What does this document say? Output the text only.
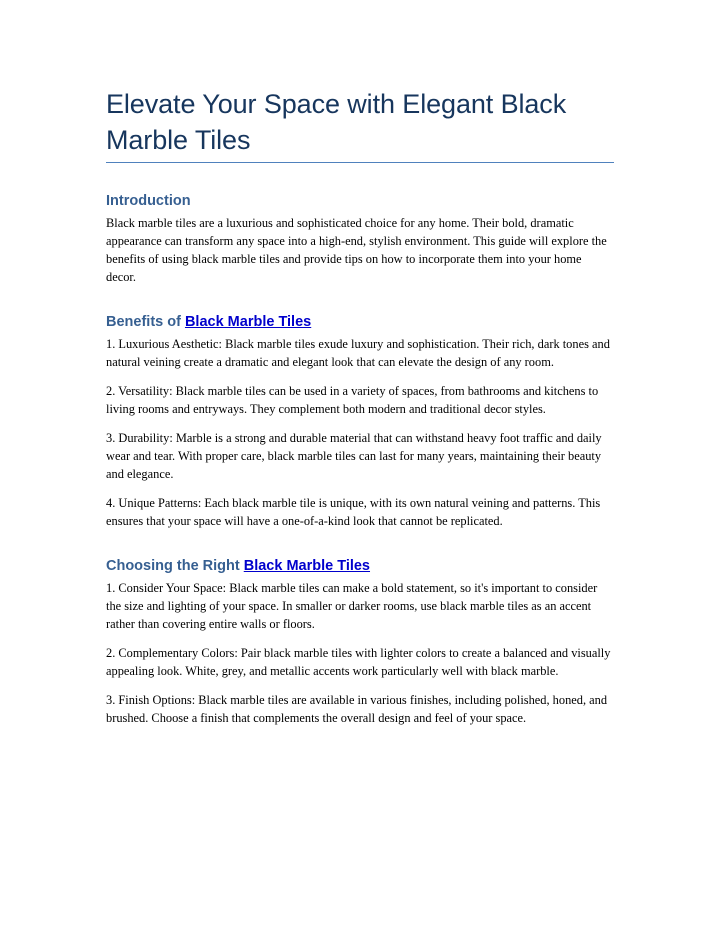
Elevate Your Space with Elegant Black Marble Tiles
Introduction

Black marble tiles are a luxurious and sophisticated choice for any home. Their bold, dramatic appearance can transform any space into a high-end, stylish environment. This guide will explore the benefits of using black marble tiles and provide tips on how to incorporate them into your home decor.

Benefits of Black Marble Tiles

1. Luxurious Aesthetic: Black marble tiles exude luxury and sophistication. Their rich, dark tones and natural veining create a dramatic and elegant look that can elevate the design of any room.

2. Versatility: Black marble tiles can be used in a variety of spaces, from bathrooms and kitchens to living rooms and entryways. They complement both modern and traditional decor styles.

3. Durability: Marble is a strong and durable material that can withstand heavy foot traffic and daily wear and tear. With proper care, black marble tiles can last for many years, maintaining their beauty and elegance.

4. Unique Patterns: Each black marble tile is unique, with its own natural veining and patterns. This ensures that your space will have a one-of-a-kind look that cannot be replicated.

Choosing the Right Black Marble Tiles

1. Consider Your Space: Black marble tiles can make a bold statement, so it's important to consider the size and lighting of your space. In smaller or darker rooms, use black marble tiles as an accent rather than covering entire walls or floors.

2. Complementary Colors: Pair black marble tiles with lighter colors to create a balanced and visually appealing look. White, grey, and metallic accents work particularly well with black marble.

3. Finish Options: Black marble tiles are available in various finishes, including polished, honed, and brushed. Choose a finish that complements the overall design and feel of your space.
